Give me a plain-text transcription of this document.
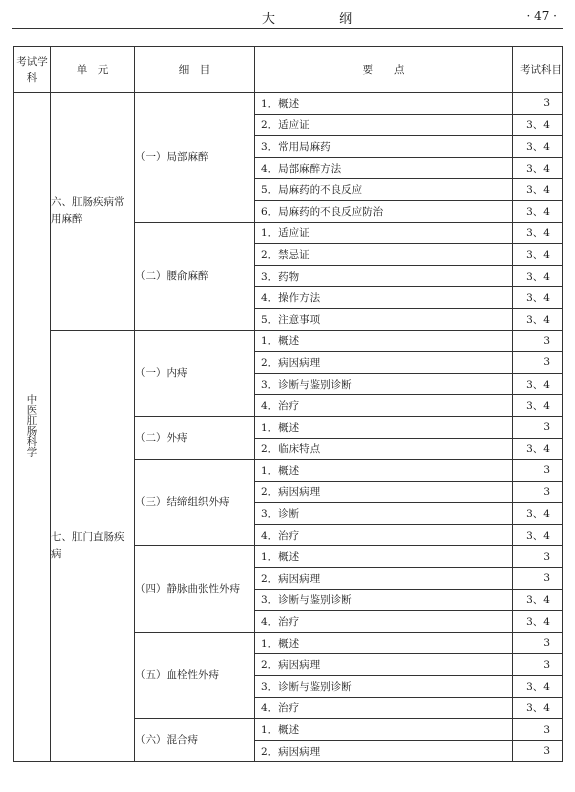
大 纲	· 47 ·
考试学科	单　元	细　目	要　　点	考试科目
中医肛肠科学	六、肛肠疾病常用麻醉	（一）局部麻醉	1．概述	3
			2．适应证	3、4
			3．常用局麻药	3、4
			4．局部麻醉方法	3、4
			5．局麻药的不良反应	3、4
			6．局麻药的不良反应防治	3、4
		（二）腰俞麻醉	1．适应证	3、4
			2．禁忌证	3、4
			3．药物	3、4
			4．操作方法	3、4
			5．注意事项	3、4
	七、肛门直肠疾病	（一）内痔	1．概述	3
			2．病因病理	3
			3．诊断与鉴别诊断	3、4
			4．治疗	3、4
		（二）外痔	1．概述	3
			2．临床特点	3、4
		（三）结缔组织外痔	1．概述	3
			2．病因病理	3
			3．诊断	3、4
			4．治疗	3、4
		（四）静脉曲张性外痔	1．概述	3
			2．病因病理	3
			3．诊断与鉴别诊断	3、4
			4．治疗	3、4
		（五）血栓性外痔	1．概述	3
			2．病因病理	3
			3．诊断与鉴别诊断	3、4
			4．治疗	3、4
		（六）混合痔	1．概述	3
			2．病因病理	3
